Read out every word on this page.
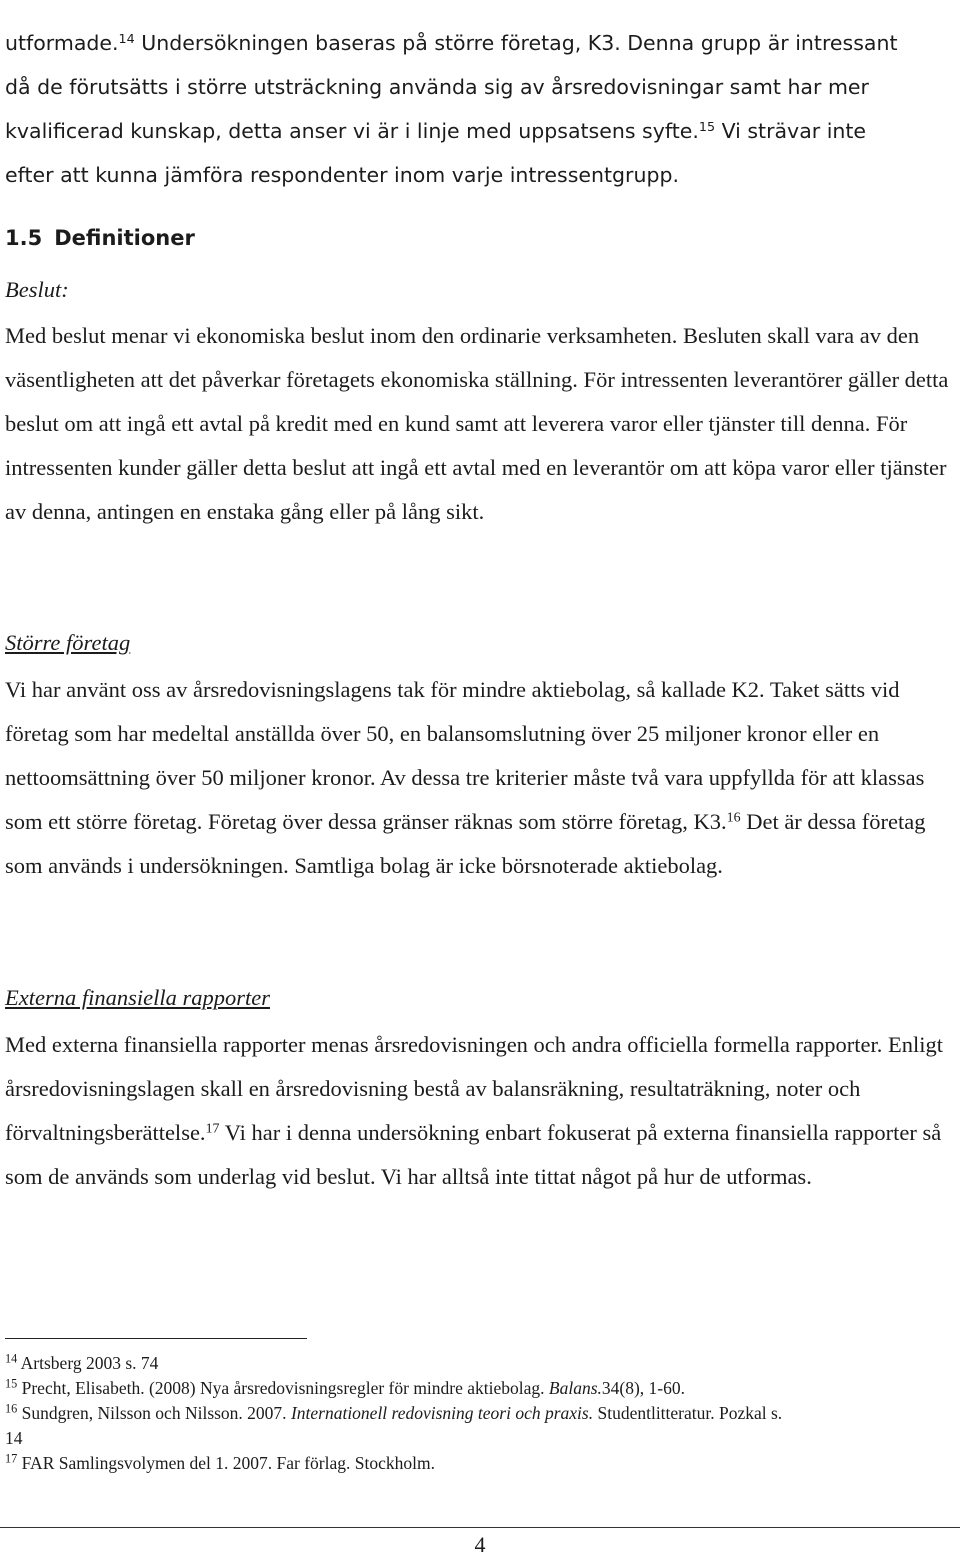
utformade.$^{14}$ Undersökningen baseras på större företag, K3. Denna grupp är intressant
då de förutsätts i större utsträckning använda sig av årsredovisningar samt har mer
kvalificerad kunskap, detta anser vi är i linje med uppsatsens syfte.$^{15}$ Vi strävar inte
efter att kunna jämföra respondenter inom varje intressentgrupp.
1.5 Definitioner
Beslut:

Med beslut menar vi ekonomiska beslut inom den ordinarie verksamheten. Besluten skall vara av den väsentligheten att det påverkar företagets ekonomiska ställning. För intressenten leverantörer gäller detta beslut om att ingå ett avtal på kredit med en kund samt att leverera varor eller tjänster till denna. För intressenten kunder gäller detta beslut att ingå ett avtal med en leverantör om att köpa varor eller tjänster av denna, antingen en enstaka gång eller på lång sikt.

Större företag

Vi har använt oss av årsredovisningslagens tak för mindre aktiebolag, så kallade K2. Taket sätts vid företag som har medeltal anställda över 50, en balansomslutning över 25 miljoner kronor eller en nettoomsättning över 50 miljoner kronor. Av dessa tre kriterier måste två vara uppfyllda för att klassas som ett större företag. Företag över dessa gränser räknas som större företag, K3.16 Det är dessa företag som används i undersökningen. Samtliga bolag är icke börsnoterade aktiebolag.

Externa finansiella rapporter

Med externa finansiella rapporter menas årsredovisningen och andra officiella formella rapporter. Enligt årsredovisningslagen skall en årsredovisning bestå av balansräkning, resultaträkning, noter och förvaltningsberättelse.$^{17}$ Vi har i denna undersökning enbart fokuserat på externa finansiella rapporter så som de används som underlag vid beslut. Vi har alltså inte tittat något på hur de utformas.

$^{14}$ Artsberg 2003 s. 74
$^{15}$ Precht, Elisabeth. (2008) Nya årsredovisningsregler för mindre aktiebolag. Balans.34(8), 1-60.
$^{16}$ Sundgren, Nilsson och Nilsson. 2007. Internationell redovisning teori och praxis. Studentlitteratur. Pozkal s.
14
$^{17}$ FAR Samlingsvolymen del 1. 2007. Far förlag. Stockholm.
4
